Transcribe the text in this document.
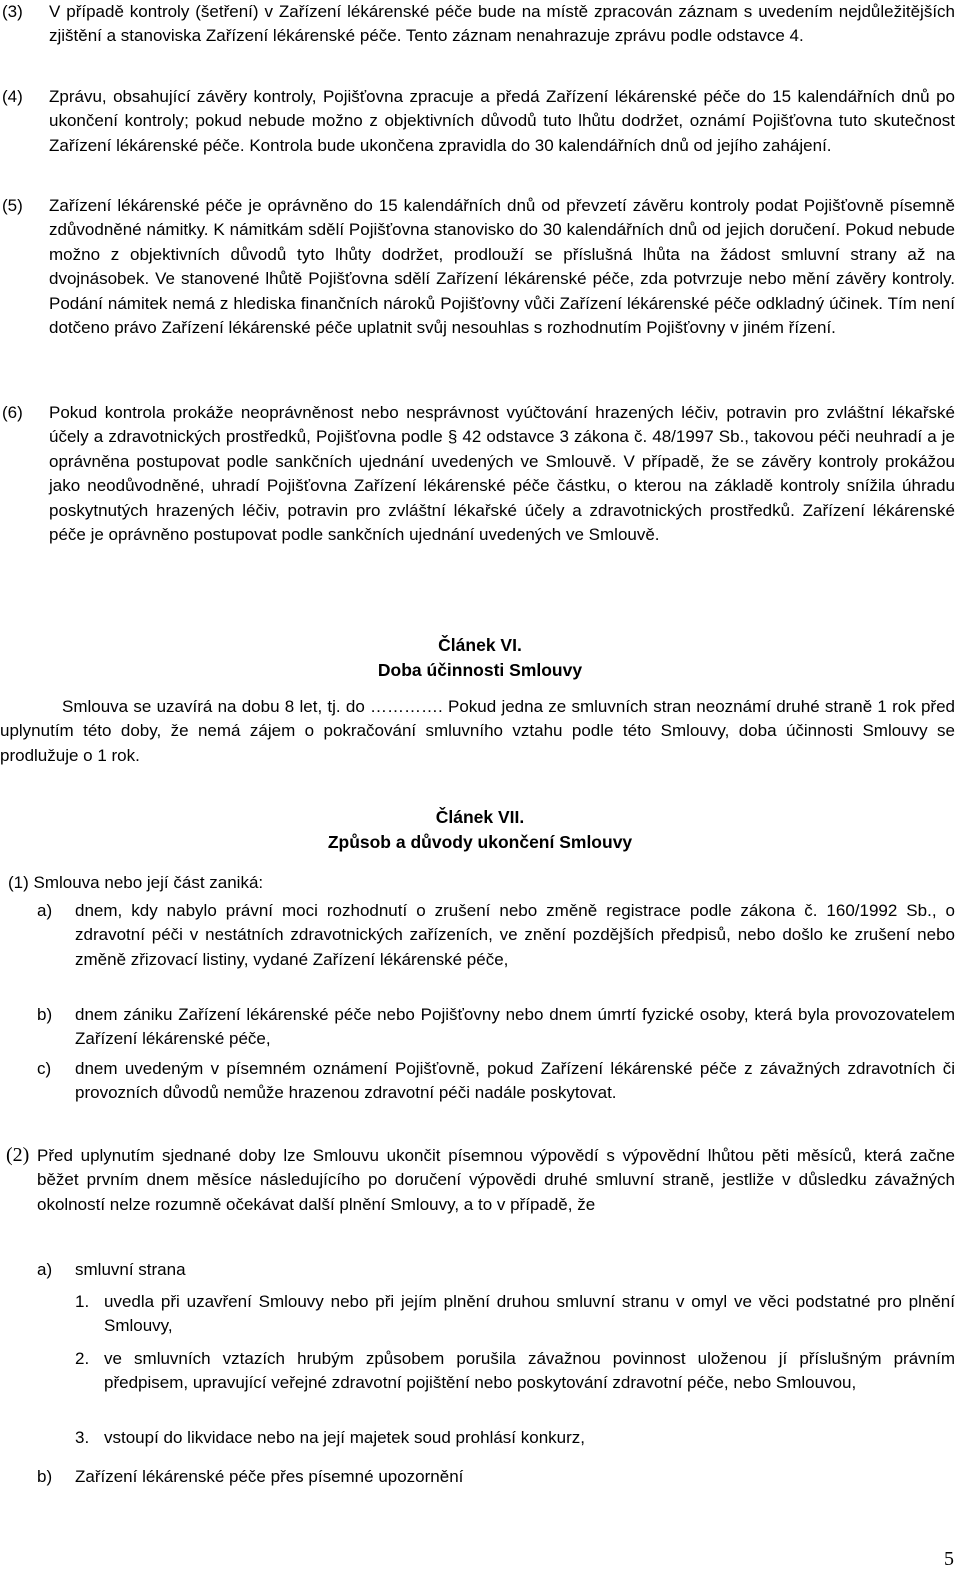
(3) V případě kontroly (šetření) v Zařízení lékárenské péče bude na místě zpracován záznam s uvedením nejdůležitějších zjištění a stanoviska Zařízení lékárenské péče. Tento záznam nenahrazuje zprávu podle odstavce 4.

(4) Zprávu, obsahující závěry kontroly, Pojišťovna zpracuje a předá Zařízení lékárenské péče do 15 kalendářních dnů po ukončení kontroly; pokud nebude možno z objektivních důvodů tuto lhůtu dodržet, oznámí Pojišťovna tuto skutečnost Zařízení lékárenské péče. Kontrola bude ukončena zpravidla do 30 kalendářních dnů od jejího zahájení.

(5) Zařízení lékárenské péče je oprávněno do 15 kalendářních dnů od převzetí závěru kontroly podat Pojišťovně písemně zdůvodněné námitky. K námitkám sdělí Pojišťovna stanovisko do 30 kalendářních dnů od jejich doručení. Pokud nebude možno z objektivních důvodů tyto lhůty dodržet, prodlouží se příslušná lhůta na žádost smluvní strany až na dvojnásobek. Ve stanovené lhůtě Pojišťovna sdělí Zařízení lékárenské péče, zda potvrzuje nebo mění závěry kontroly. Podání námitek nemá z hlediska finančních nároků Pojišťovny vůči Zařízení lékárenské péče odkladný účinek. Tím není dotčeno právo Zařízení lékárenské péče uplatnit svůj nesouhlas s rozhodnutím Pojišťovny v jiném řízení.

(6) Pokud kontrola prokáže neoprávněnost nebo nesprávnost vyúčtování hrazených léčiv, potravin pro zvláštní lékařské účely a zdravotnických prostředků, Pojišťovna podle § 42 odstavce 3 zákona č. 48/1997 Sb., takovou péči neuhradí a je oprávněna postupovat podle sankčních ujednání uvedených ve Smlouvě. V případě, že se závěry kontroly prokážou jako neodůvodněné, uhradí Pojišťovna Zařízení lékárenské péče částku, o kterou na základě kontroly snížila úhradu poskytnutých hrazených léčiv, potravin pro zvláštní lékařské účely a zdravotnických prostředků. Zařízení lékárenské péče je oprávněno postupovat podle sankčních ujednání uvedených ve Smlouvě.

Článek VI.
Doba účinnosti Smlouvy

Smlouva se uzavírá na dobu 8 let, tj. do …………. Pokud jedna ze smluvních stran neoznámí druhé straně 1 rok před uplynutím této doby, že nemá zájem o pokračování smluvního vztahu podle této Smlouvy, doba účinnosti Smlouvy se prodlužuje o 1 rok.

Článek VII.
Způsob a důvody ukončení Smlouvy

(1) Smlouva nebo její část zaniká:

a) dnem, kdy nabylo právní moci rozhodnutí o zrušení nebo změně registrace podle zákona č. 160/1992 Sb., o zdravotní péči v nestátních zdravotnických zařízeních, ve znění pozdějších předpisů, nebo došlo ke zrušení nebo změně zřizovací listiny, vydané Zařízení lékárenské péče,

b) dnem zániku Zařízení lékárenské péče nebo Pojišťovny nebo dnem úmrtí fyzické osoby, která byla provozovatelem Zařízení lékárenské péče,

c) dnem uvedeným v písemném oznámení Pojišťovně, pokud Zařízení lékárenské péče z závažných zdravotních či provozních důvodů nemůže hrazenou zdravotní péči nadále poskytovat.

(2) Před uplynutím sjednané doby lze Smlouvu ukončit písemnou výpovědí s výpovědní lhůtou pěti měsíců, která začne běžet prvním dnem měsíce následujícího po doručení výpovědi druhé smluvní straně, jestliže v důsledku závažných okolností nelze rozumně očekávat další plnění Smlouvy, a to v případě, že

a) smluvní strana

1. uvedla při uzavření Smlouvy nebo při jejím plnění druhou smluvní stranu v omyl ve věci podstatné pro plnění Smlouvy,

2. ve smluvních vztazích hrubým způsobem porušila závažnou povinnost uloženou jí příslušným právním předpisem, upravující veřejné zdravotní pojištění nebo poskytování zdravotní péče, nebo Smlouvou,

3. vstoupí do likvidace nebo na její majetek soud prohlásí konkurz,

b) Zařízení lékárenské péče přes písemné upozornění

5
